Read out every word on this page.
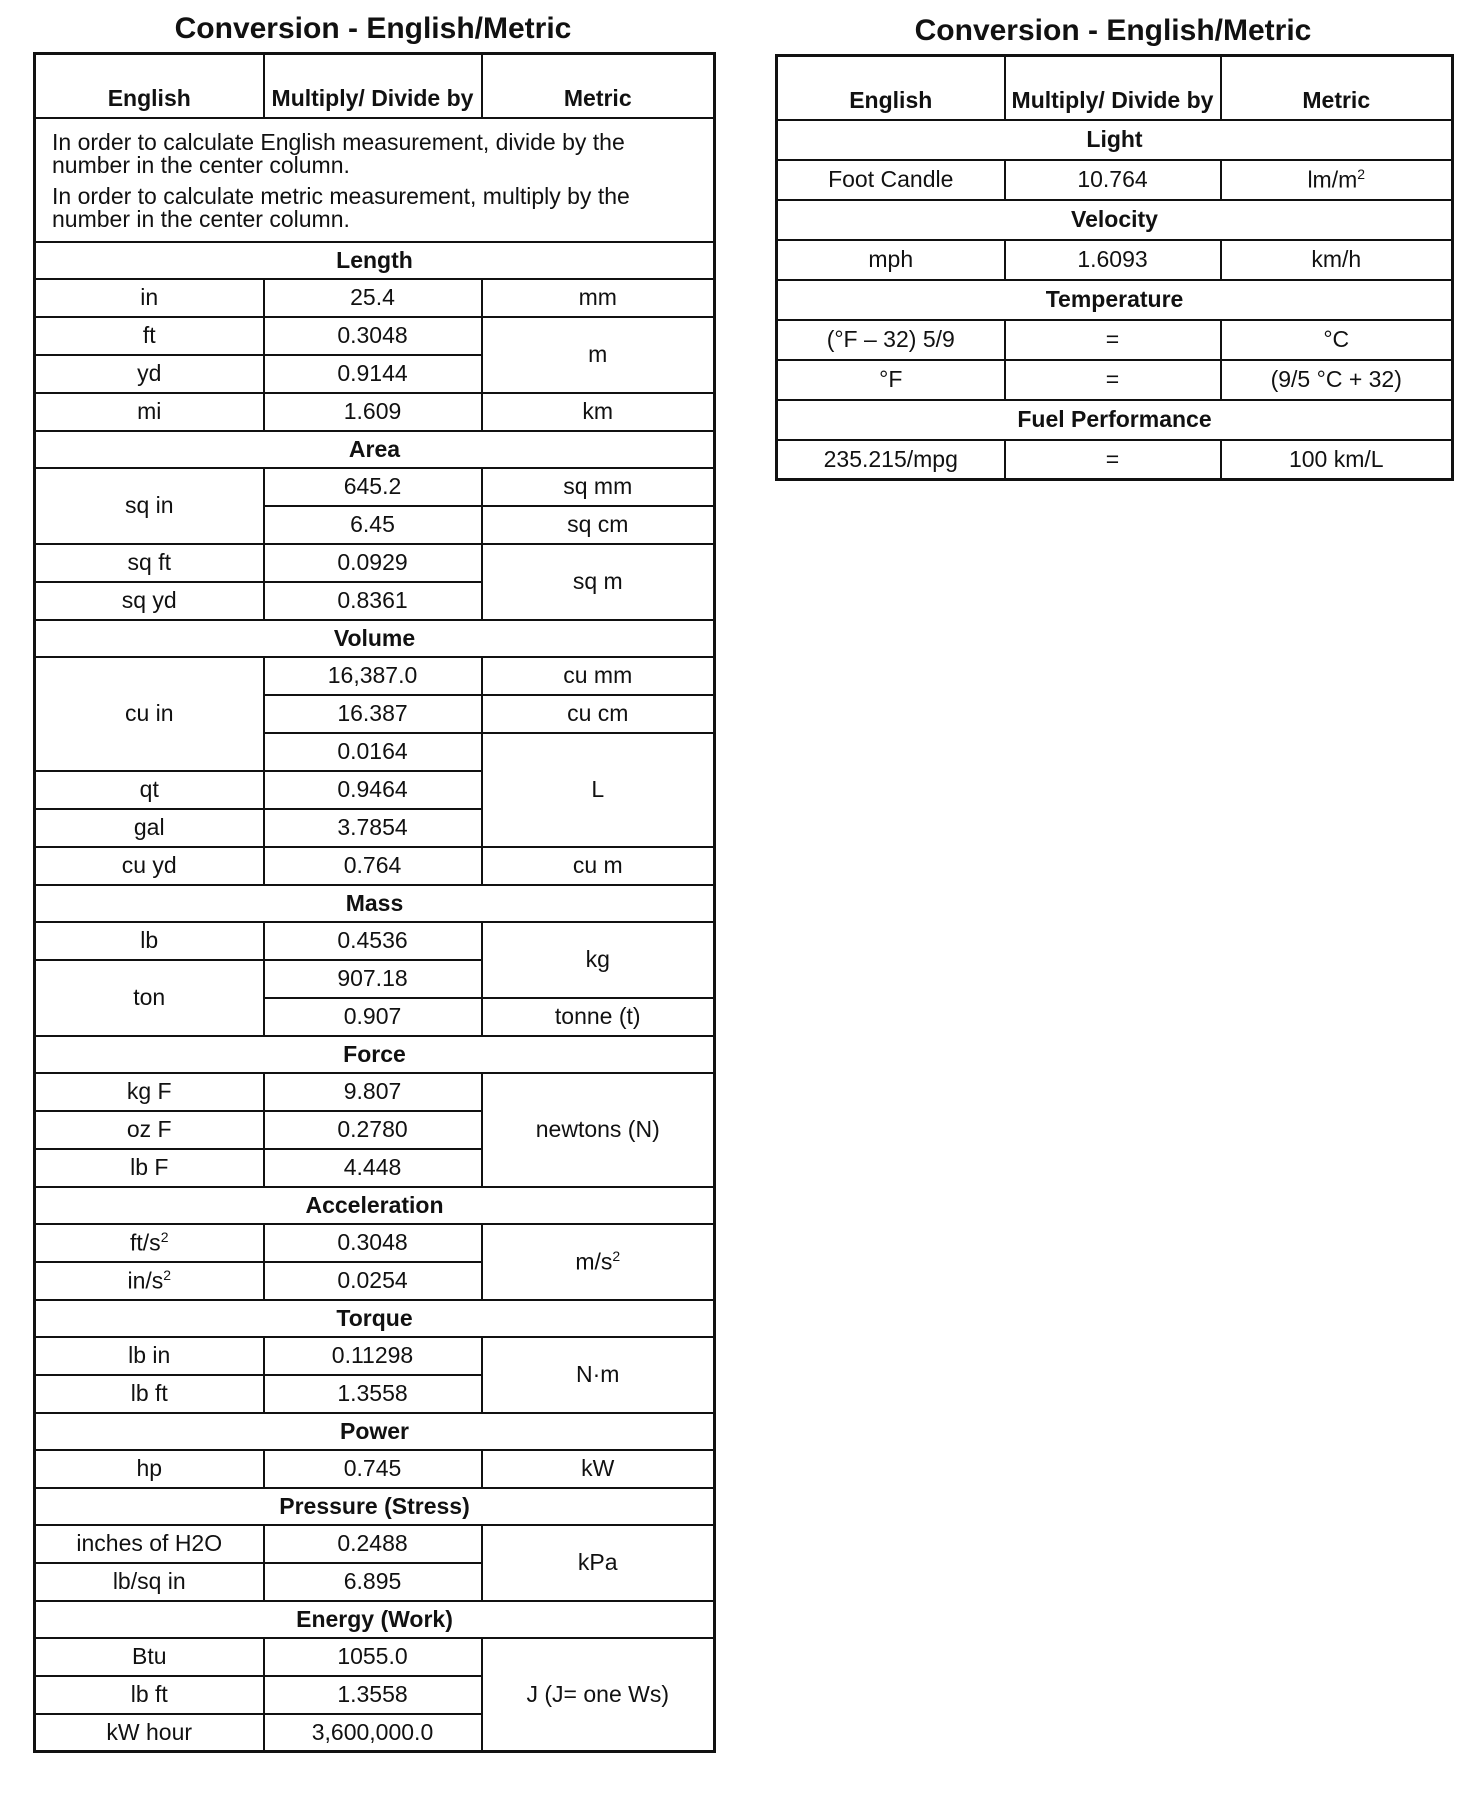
Conversion - English/Metric
English	Multiply/ Divide by	Metric

In order to calculate English measurement, divide by the number in the center column.

In order to calculate metric measurement, multiply by the number in the center column.		

Length		
in	25.4	mm
ft	0.3048	m
yd	0.9144	
mi	1.609	km
Area		
sq in	645.2	sq mm
	6.45	sq cm
sq ft	0.0929	sq m
sq yd	0.8361	
Volume		
cu in	16,387.0	cu mm
	16.387	cu cm
	0.0164	L
qt	0.9464	
gal	3.7854	
cu yd	0.764	cu m
Mass		
lb	0.4536	kg
ton	907.18	
	0.907	tonne (t)
Force		
kg F	9.807	newtons (N)
oz F	0.2780	
lb F	4.448	
Acceleration		
$ft/s^2$	0.3048	$m/s^2$
$in/s^2$	0.0254	
Torque		
lb in	0.11298	N·m
lb ft	1.3558	
Power		
hp	0.745	kW
Pressure (Stress)		
inches of H2O	0.2488	kPa
lb/sq in	6.895	
Energy (Work)		
Btu	1055.0	J (J= one Ws)
lb ft	1.3558	
kW hour	3,600,000.0	
Conversion - English/Metric
English	Multiply/ Divide by	Metric
Light		
Foot Candle	10.764	$lm/m^2$
Velocity		
mph	1.6093	km/h
Temperature		
(°F – 32) 5/9	=	°C
°F	=	(9/5 °C + 32)
Fuel Performance		
235.215/mpg	=	100 km/L
